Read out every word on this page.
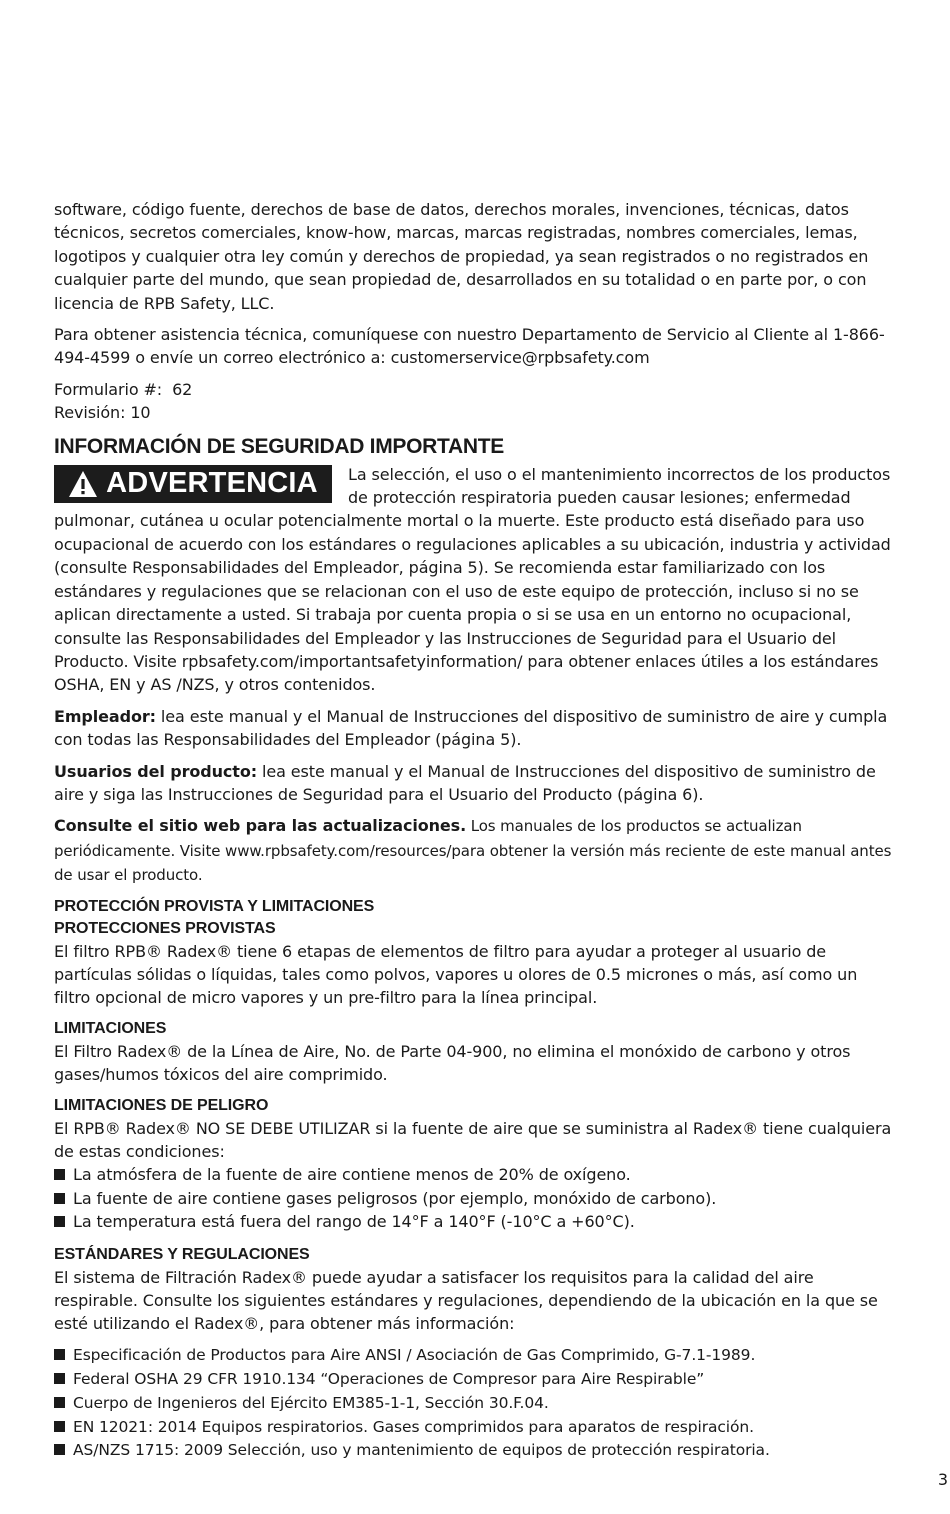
software, código fuente, derechos de base de datos, derechos morales, invenciones, técnicas, datos técnicos, secretos comerciales, know-how, marcas, marcas registradas, nombres comerciales, lemas, logotipos y cualquier otra ley común y derechos de propiedad, ya sean registrados o no registrados en cualquier parte del mundo, que sean propiedad de, desarrollados en su totalidad o en parte por, o con licencia de RPB Safety, LLC.

Para obtener asistencia técnica, comuníquese con nuestro Departamento de Servicio al Cliente al 1-866-494-4599 o envíe un correo electrónico a: customerservice@rpbsafety.com

Formulario #:  62
Revisión: 10
INFORMACIÓN DE SEGURIDAD IMPORTANTE
ADVERTENCIA	La selección, el uso o el mantenimiento incorrectos de los productos de protección respiratoria pueden causar lesiones; enfermedad pulmonar, cutánea u ocular potencialmente mortal o la muerte. Este producto está diseñado para uso ocupacional de acuerdo con los estándares o regulaciones aplicables a su ubicación, industria y actividad (consulte Responsabilidades del Empleador, página 5). Se recomienda estar familiarizado con los estándares y regulaciones que se relacionan con el uso de este equipo de protección, incluso si no se aplican directamente a usted. Si trabaja por cuenta propia o si se usa en un entorno no ocupacional, consulte las Responsabilidades del Empleador y las Instrucciones de Seguridad para el Usuario del Producto. Visite rpbsafety.com/importantsafetyinformation/ para obtener enlaces útiles a los estándares OSHA, EN y AS /NZS, y otros contenidos.

Empleador: lea este manual y el Manual de Instrucciones del dispositivo de suministro de aire y cumpla con todas las Responsabilidades del Empleador (página 5).

Usuarios del producto: lea este manual y el Manual de Instrucciones del dispositivo de suministro de aire y siga las Instrucciones de Seguridad para el Usuario del Producto (página 6).

Consulte el sitio web para las actualizaciones. Los manuales de los productos se actualizan periódicamente. Visite www.rpbsafety.com/resources/para obtener la versión más reciente de este manual antes de usar el producto.

PROTECCIÓN PROVISTA Y LIMITACIONES
PROTECCIONES PROVISTAS

El filtro RPB® Radex® tiene 6 etapas de elementos de filtro para ayudar a proteger al usuario de partículas sólidas o líquidas, tales como polvos, vapores u olores de 0.5 micrones o más, así como un filtro opcional de micro vapores y un pre-filtro para la línea principal.

LIMITACIONES

El Filtro Radex® de la Línea de Aire, No. de Parte 04-900, no elimina el monóxido de carbono y otros gases/humos tóxicos del aire comprimido.

LIMITACIONES DE PELIGRO

El RPB® Radex® NO SE DEBE UTILIZAR si la fuente de aire que se suministra al Radex® tiene cualquiera de estas condiciones:

La atmósfera de la fuente de aire contiene menos de 20% de oxígeno.
La fuente de aire contiene gases peligrosos (por ejemplo, monóxido de carbono).
La temperatura está fuera del rango de 14°F a 140°F (-10°C a +60°C).
ESTÁNDARES Y REGULACIONES

El sistema de Filtración Radex® puede ayudar a satisfacer los requisitos para la calidad del aire respirable. Consulte los siguientes estándares y regulaciones, dependiendo de la ubicación en la que se esté utilizando el Radex®, para obtener más información:

Especificación de Productos para Aire ANSI / Asociación de Gas Comprimido, G-7.1-1989.
Federal OSHA 29 CFR 1910.134 “Operaciones de Compresor para Aire Respirable”
Cuerpo de Ingenieros del Ejército EM385-1-1, Sección 30.F.04.
EN 12021: 2014 Equipos respiratorios. Gases comprimidos para aparatos de respiración.
AS/NZS 1715: 2009 Selección, uso y mantenimiento de equipos de protección respiratoria.
3
